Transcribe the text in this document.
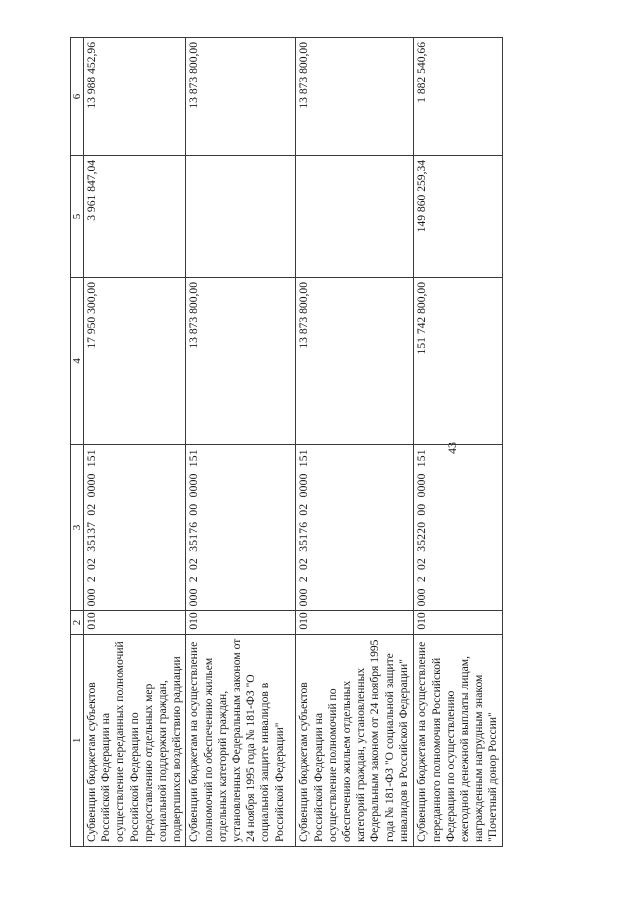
43
1	2	3	4	5	6
Субвенции бюджетам субъектов Российской Федерации на осуществление переданных полномочий Российской Федерации по предоставлению отдельных мер социальной поддержки граждан, подвергшихся воздействию радиации	010	000  2  02  35137  02  0000  151	17 950 300,00	3 961 847,04	13 988 452,96
Субвенции бюджетам на осуществление полномочий по обеспечению жильем отдельных категорий граждан, установленных Федеральным законом от 24 ноября 1995 года № 181-ФЗ "О социальной защите инвалидов в Российской Федерации"	010	000  2  02  35176  00  0000  151	13 873 800,00		13 873 800,00
Субвенции бюджетам субъектов Российской Федерации на осуществление полномочий по обеспечению жильем отдельных категорий граждан, установленных Федеральным законом от 24 ноября 1995 года № 181-ФЗ "О социальной защите инвалидов в Российской Федерации"	010	000  2  02  35176  02  0000  151	13 873 800,00		13 873 800,00
Субвенции бюджетам на осуществление переданного полномочия Российской Федерации по осуществлению ежегодной денежной выплаты лицам, награжденным нагрудным знаком "Почетный донор России"	010	000  2  02  35220  00  0000  151	151 742 800,00	149 860 259,34	1 882 540,66
